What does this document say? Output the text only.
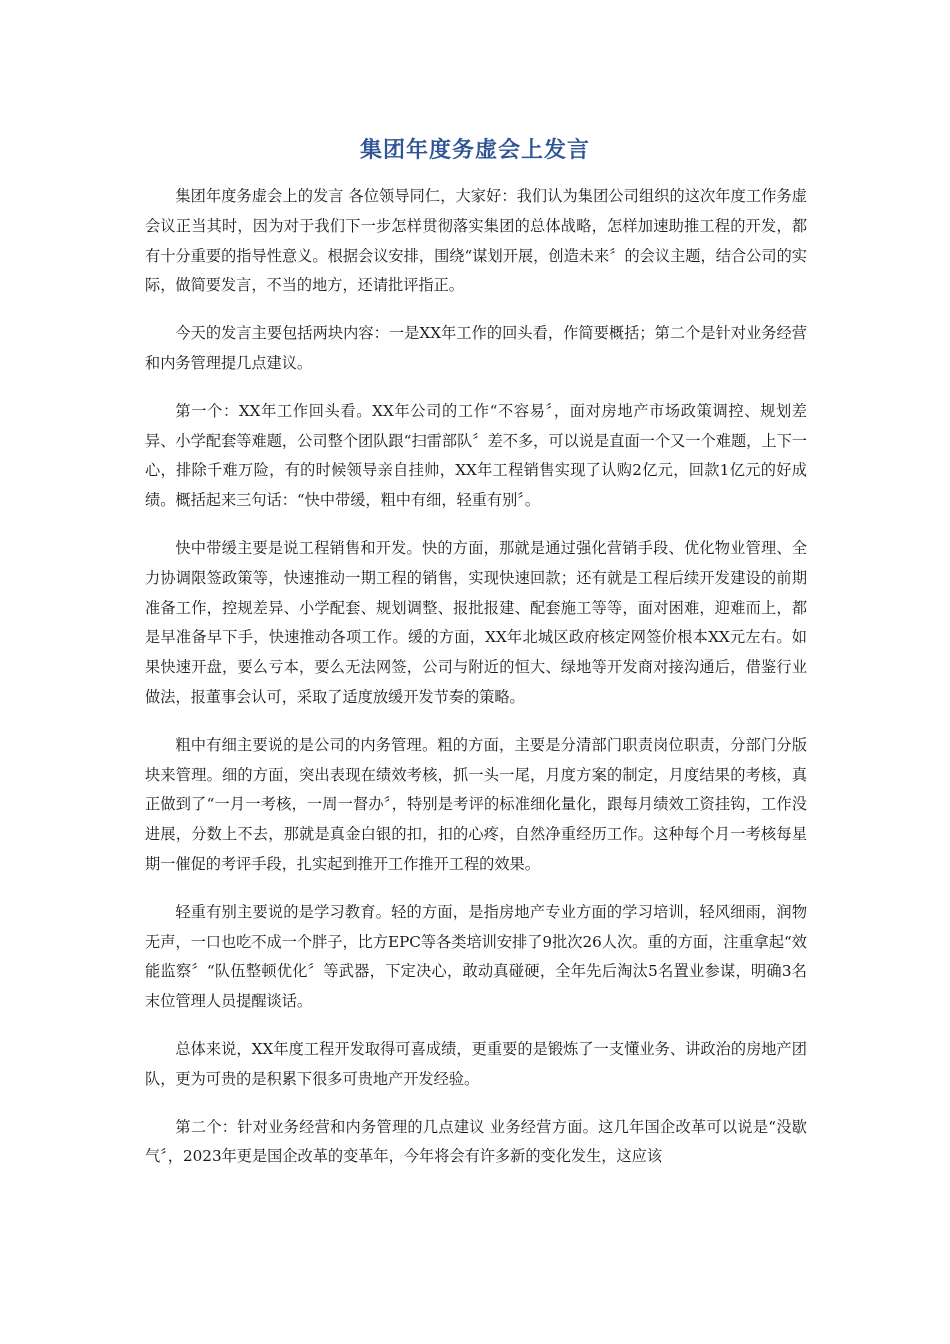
集团年度务虚会上发言

集团年度务虚会上的发言 各位领导同仁，大家好：我们认为集团公司组织的这次年度工作务虚会议正当其时，因为对于我们下一步怎样贯彻落实集团的总体战略，怎样加速助推工程的开发，都有十分重要的指导性意义。根据会议安排，围绕“谋划开展，创造未来〞的会议主题，结合公司的实际，做简要发言，不当的地方，还请批评指正。

今天的发言主要包括两块内容：一是XX年工作的回头看，作简要概括；第二个是针对业务经营和内务管理提几点建议。

第一个：XX年工作回头看。XX年公司的工作“不容易〞，面对房地产市场政策调控、规划差异、小学配套等难题，公司整个团队跟“扫雷部队〞差不多，可以说是直面一个又一个难题，上下一心，排除千难万险，有的时候领导亲自挂帅，XX年工程销售实现了认购2亿元，回款1亿元的好成绩。概括起来三句话：“快中带缓，粗中有细，轻重有别〞。

快中带缓主要是说工程销售和开发。快的方面，那就是通过强化营销手段、优化物业管理、全力协调限签政策等，快速推动一期工程的销售，实现快速回款；还有就是工程后续开发建设的前期准备工作，控规差异、小学配套、规划调整、报批报建、配套施工等等，面对困难，迎难而上，都是早准备早下手，快速推动各项工作。缓的方面，XX年北城区政府核定网签价根本XX元左右。如果快速开盘，要么亏本，要么无法网签，公司与附近的恒大、绿地等开发商对接沟通后，借鉴行业做法，报董事会认可，采取了适度放缓开发节奏的策略。

粗中有细主要说的是公司的内务管理。粗的方面，主要是分清部门职责岗位职责，分部门分版块来管理。细的方面，突出表现在绩效考核，抓一头一尾，月度方案的制定，月度结果的考核，真正做到了“一月一考核，一周一督办〞，特别是考评的标准细化量化，跟每月绩效工资挂钩，工作没进展，分数上不去，那就是真金白银的扣，扣的心疼，自然净重经历工作。这种每个月一考核每星期一催促的考评手段，扎实起到推开工作推开工程的效果。

轻重有别主要说的是学习教育。轻的方面，是指房地产专业方面的学习培训，轻风细雨，润物无声，一口也吃不成一个胖子，比方EPC等各类培训安排了9批次26人次。重的方面，注重拿起“效能监察〞“队伍整顿优化〞等武器，下定决心，敢动真碰硬，全年先后淘汰5名置业参谋，明确3名末位管理人员提醒谈话。

总体来说，XX年度工程开发取得可喜成绩，更重要的是锻炼了一支懂业务、讲政治的房地产团队，更为可贵的是积累下很多可贵地产开发经验。

第二个：针对业务经营和内务管理的几点建议 业务经营方面。这几年国企改革可以说是“没歇气〞，2023年更是国企改革的变革年，今年将会有许多新的变化发生，这应该
